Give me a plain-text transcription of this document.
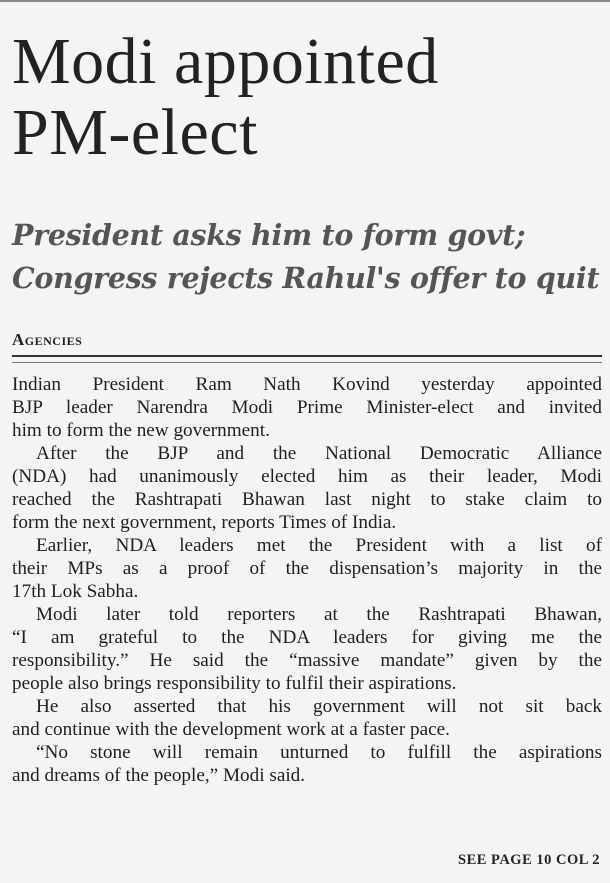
Modi appointed
PM-elect
President asks him to form govt;
Congress rejects Rahul's offer to quit
Agencies
Indian President Ram Nath Kovind yesterday appointed
BJP leader Narendra Modi Prime Minister-elect and invited
him to form the new government.
After the BJP and the National Democratic Alliance
(NDA) had unanimously elected him as their leader, Modi
reached the Rashtrapati Bhawan last night to stake claim to
form the next government, reports Times of India.
Earlier, NDA leaders met the President with a list of
their MPs as a proof of the dispensation’s majority in the
17th Lok Sabha.
Modi later told reporters at the Rashtrapati Bhawan,
“I am grateful to the NDA leaders for giving me the
responsibility.” He said the “massive mandate” given by the
people also brings responsibility to fulfil their aspirations.
He also asserted that his government will not sit back
and continue with the development work at a faster pace.
“No stone will remain unturned to fulfill the aspirations
and dreams of the people,” Modi said.
SEE PAGE 10 COL 2
